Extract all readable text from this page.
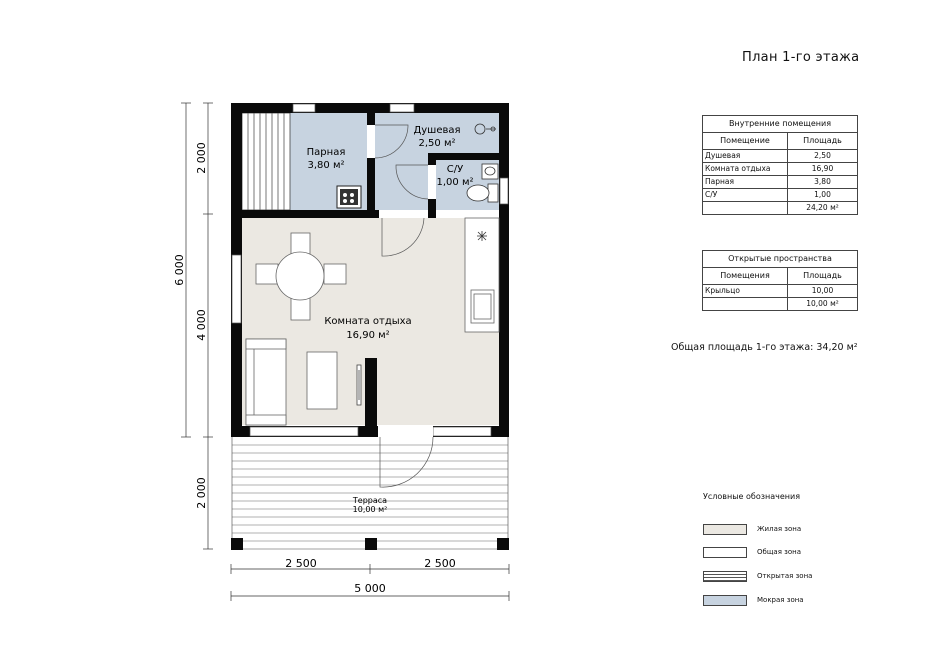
Парная
3,80 м²
Душевая
2,50 м²
С/У
1,00 м²
Комната отдыха
16,90 м²
Терраса
10,00 м²
2 000
4 000
2 000
6 000
2 500	2 500
5 000
План 1-го этажа
Внутренние помещения	
Помещение	Площадь
Душевая	2,50
Комната отдыха	16,90
Парная	3,80
С/У	1,00
	24,20 м²
Открытые пространства	
Помещения	Площадь
Крыльцо	10,00
	10,00 м²
Общая площадь 1-го этажа: 34,20 м²
Условные обозначения
Жилая зона
Общая зона
Открытая зона
Мокрая зона
